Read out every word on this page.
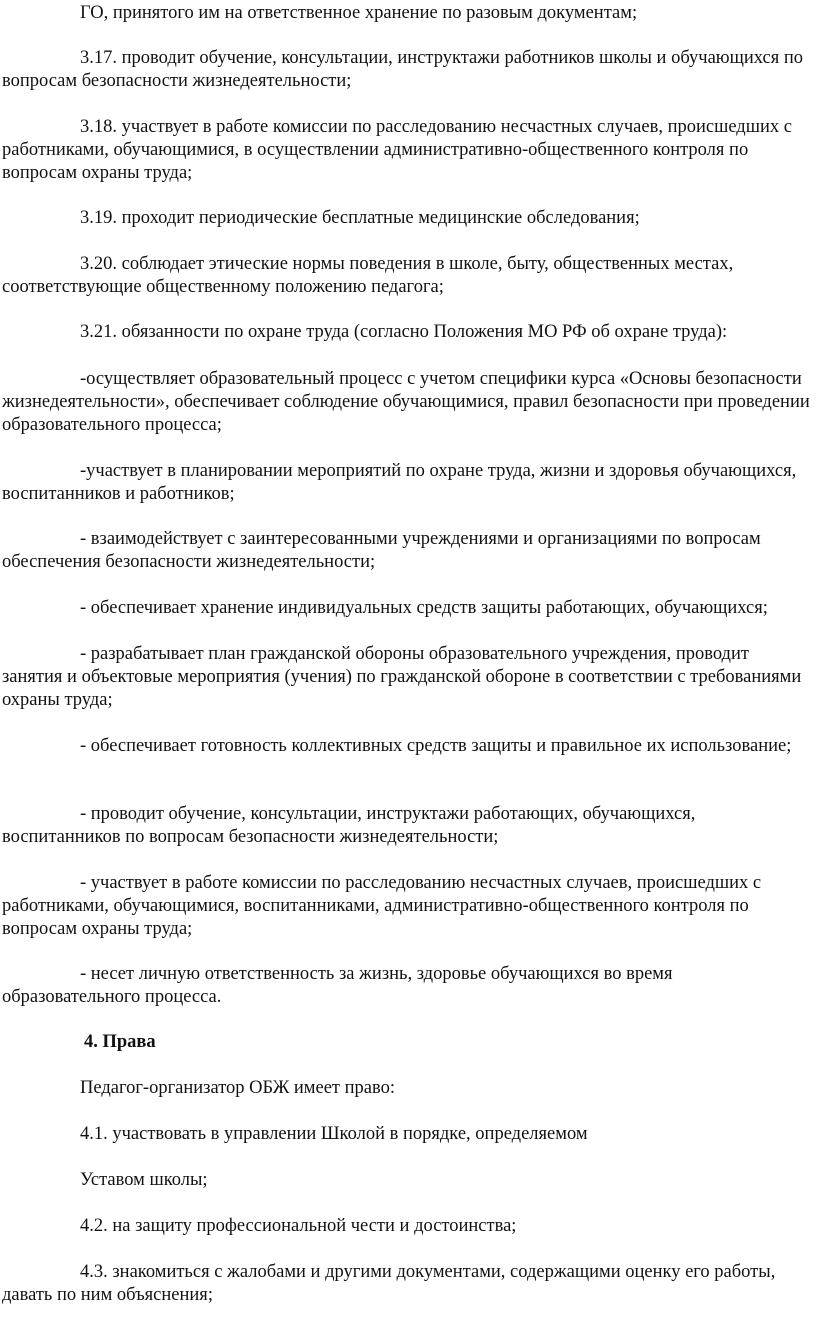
ГО, принятого им на ответственное хранение по разовым документам;

3.17. проводит обучение, консультации, инструктажи работников школы и обучающихся по вопросам безопасности жизнедеятельности;

3.18. участвует в работе комиссии по расследованию несчастных случаев, происшедших с работниками, обучающимися, в осуществлении административно-общественного контроля по вопросам охраны труда;

3.19. проходит периодические бесплатные медицинские обследования;

3.20. соблюдает этические нормы поведения в школе, быту, общественных местах, соответствующие общественному положению педагога;

3.21. обязанности по охране труда (согласно Положения МО РФ об охране труда):

-осуществляет образовательный процесс с учетом специфики курса «Основы безопасности жизнедеятельности», обеспечивает соблюдение обучающимися, правил безопасности при проведении образовательного процесса;

-участвует в планировании мероприятий по охране труда, жизни и здоровья обучающихся, воспитанников и работников;

- взаимодействует с заинтересованными учреждениями и организациями по вопросам обеспечения безопасности жизнедеятельности;

- обеспечивает хранение индивидуальных средств защиты работающих, обучающихся;

- разрабатывает план гражданской обороны образовательного учреждения, проводит занятия и объектовые мероприятия (учения) по гражданской обороне в соответствии с требованиями охраны труда;

- обеспечивает готовность коллективных средств защиты и правильное их использование;

- проводит обучение, консультации, инструктажи работающих, обучающихся, воспитанников по вопросам безопасности жизнедеятельности;

- участвует в работе комиссии по расследованию несчастных случаев, происшедших с работниками, обучающимися, воспитанниками, административно-общественного контроля по вопросам охраны труда;

- несет личную ответственность за жизнь, здоровье обучающихся во время образовательного процесса.

4. Права

Педагог-организатор ОБЖ имеет право:

4.1. участвовать в управлении Школой в порядке, определяемом

Уставом школы;

4.2. на защиту профессиональной чести и достоинства;

4.3. знакомиться с жалобами и другими документами, содержащими оценку его работы, давать по ним объяснения;
